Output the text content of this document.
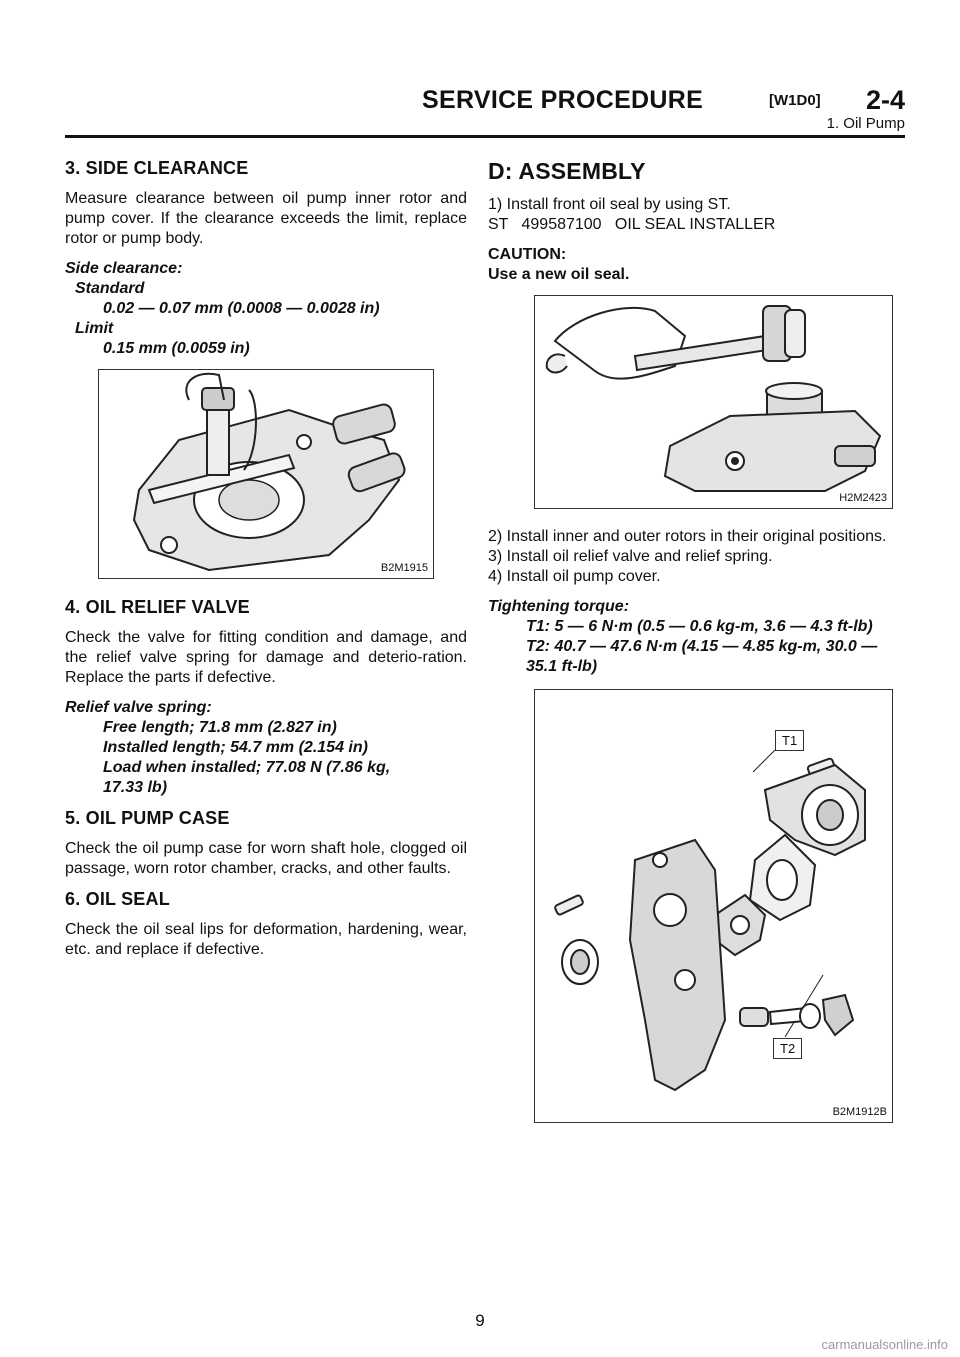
SERVICE PROCEDURE	[W1D0] 2-4
1. Oil Pump
3. SIDE CLEARANCE

Measure clearance between oil pump inner rotor and pump cover. If the clearance exceeds the limit, replace rotor or pump body.

Side clearance:
Standard
0.02 — 0.07 mm (0.0008 — 0.0028 in)
Limit
0.15 mm (0.0059 in)
B2M1915
4. OIL RELIEF VALVE

Check the valve for fitting condition and damage, and the relief valve spring for damage and deterio-ration. Replace the parts if defective.

Relief valve spring:
Free length; 71.8 mm (2.827 in)
Installed length; 54.7 mm (2.154 in)
Load when installed; 77.08 N (7.86 kg,
17.33 lb)
5. OIL PUMP CASE

Check the oil pump case for worn shaft hole, clogged oil passage, worn rotor chamber, cracks, and other faults.

6. OIL SEAL

Check the oil seal lips for deformation, hardening, wear, etc. and replace if defective.

D: ASSEMBLY

1) Install front oil seal by using ST.

ST   499587100   OIL SEAL INSTALLER

CAUTION:
Use a new oil seal.
H2M2423

2) Install inner and outer rotors in their original positions.

3) Install oil relief valve and relief spring.

4) Install oil pump cover.

Tightening torque:
T1: 5 — 6 N·m (0.5 — 0.6 kg-m, 3.6 — 4.3 ft-lb)
T2: 40.7 — 47.6 N·m (4.15 — 4.85 kg-m, 30.0 — 35.1 ft-lb)
T1
T2
B2M1912B
9
carmanualsonline.info
